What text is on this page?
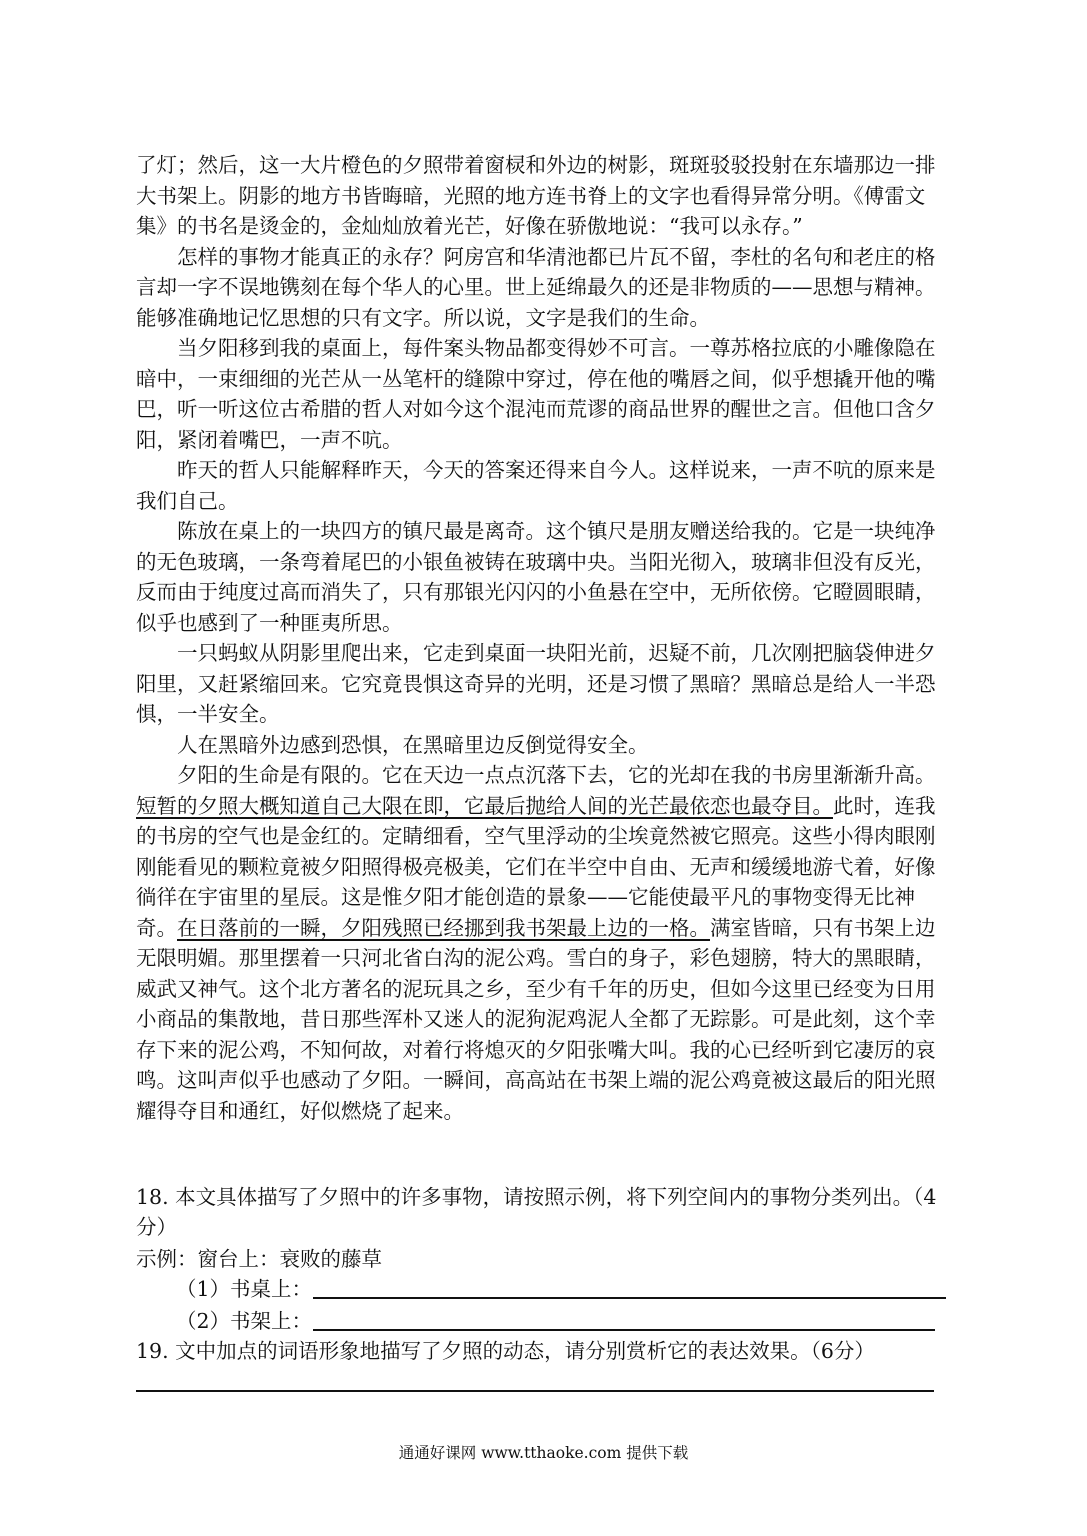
了灯；然后，这一大片橙色的夕照带着窗棂和外边的树影，斑斑驳驳投射在东墙那边一排大书架上。阴影的地方书皆晦暗，光照的地方连书脊上的文字也看得异常分明。《傅雷文集》的书名是烫金的，金灿灿放着光芒，好像在骄傲地说：“我可以永存。”

怎样的事物才能真正的永存？阿房宫和华清池都已片瓦不留，李杜的名句和老庄的格言却一字不误地镌刻在每个华人的心里。世上延绵最久的还是非物质的——思想与精神。能够准确地记忆思想的只有文字。所以说，文字是我们的生命。

当夕阳移到我的桌面上，每件案头物品都变得妙不可言。一尊苏格拉底的小雕像隐在暗中，一束细细的光芒从一丛笔杆的缝隙中穿过，停在他的嘴唇之间，似乎想撬开他的嘴巴，听一听这位古希腊的哲人对如今这个混沌而荒谬的商品世界的醒世之言。但他口含夕阳，紧闭着嘴巴，一声不吭。

昨天的哲人只能解释昨天，今天的答案还得来自今人。这样说来，一声不吭的原来是我们自己。

陈放在桌上的一块四方的镇尺最是离奇。这个镇尺是朋友赠送给我的。它是一块纯净的无色玻璃，一条弯着尾巴的小银鱼被铸在玻璃中央。当阳光彻入，玻璃非但没有反光，反而由于纯度过高而消失了，只有那银光闪闪的小鱼悬在空中，无所依傍。它瞪圆眼睛，似乎也感到了一种匪夷所思。

一只蚂蚁从阴影里爬出来，它走到桌面一块阳光前，迟疑不前，几次刚把脑袋伸进夕阳里，又赶紧缩回来。它究竟畏惧这奇异的光明，还是习惯了黑暗？黑暗总是给人一半恐惧，一半安全。

人在黑暗外边感到恐惧，在黑暗里边反倒觉得安全。

夕阳的生命是有限的。它在天边一点点沉落下去，它的光却在我的书房里渐渐升高。短暂的夕照大概知道自己大限在即，它最后抛给人间的光芒最依恋也最夺目。此时，连我的书房的空气也是金红的。定睛细看，空气里浮动的尘埃竟然被它照亮。这些小得肉眼刚刚能看见的颗粒竟被夕阳照得极亮极美，它们在半空中自由、无声和缓缓地游弋着，好像徜徉在宇宙里的星辰。这是惟夕阳才能创造的景象——它能使最平凡的事物变得无比神奇。在日落前的一瞬，夕阳残照已经挪到我书架最上边的一格。满室皆暗，只有书架上边无限明媚。那里摆着一只河北省白沟的泥公鸡。雪白的身子，彩色翅膀，特大的黑眼睛，威武又神气。这个北方著名的泥玩具之乡，至少有千年的历史，但如今这里已经变为日用小商品的集散地，昔日那些浑朴又迷人的泥狗泥鸡泥人全都了无踪影。可是此刻，这个幸存下来的泥公鸡，不知何故，对着行将熄灭的夕阳张嘴大叫。我的心已经听到它凄厉的哀鸣。这叫声似乎也感动了夕阳。一瞬间，高高站在书架上端的泥公鸡竟被这最后的阳光照耀得夺目和通红，好似燃烧了起来。

18. 本文具体描写了夕照中的许多事物，请按照示例，将下列空间内的事物分类列出。（4分）
示例：窗台上：衰败的藤草
（1）书桌上：
（2）书架上：
19. 文中加点的词语形象地描写了夕照的动态，请分别赏析它的表达效果。（6分）
通通好课网 www.tthaoke.com 提供下载
